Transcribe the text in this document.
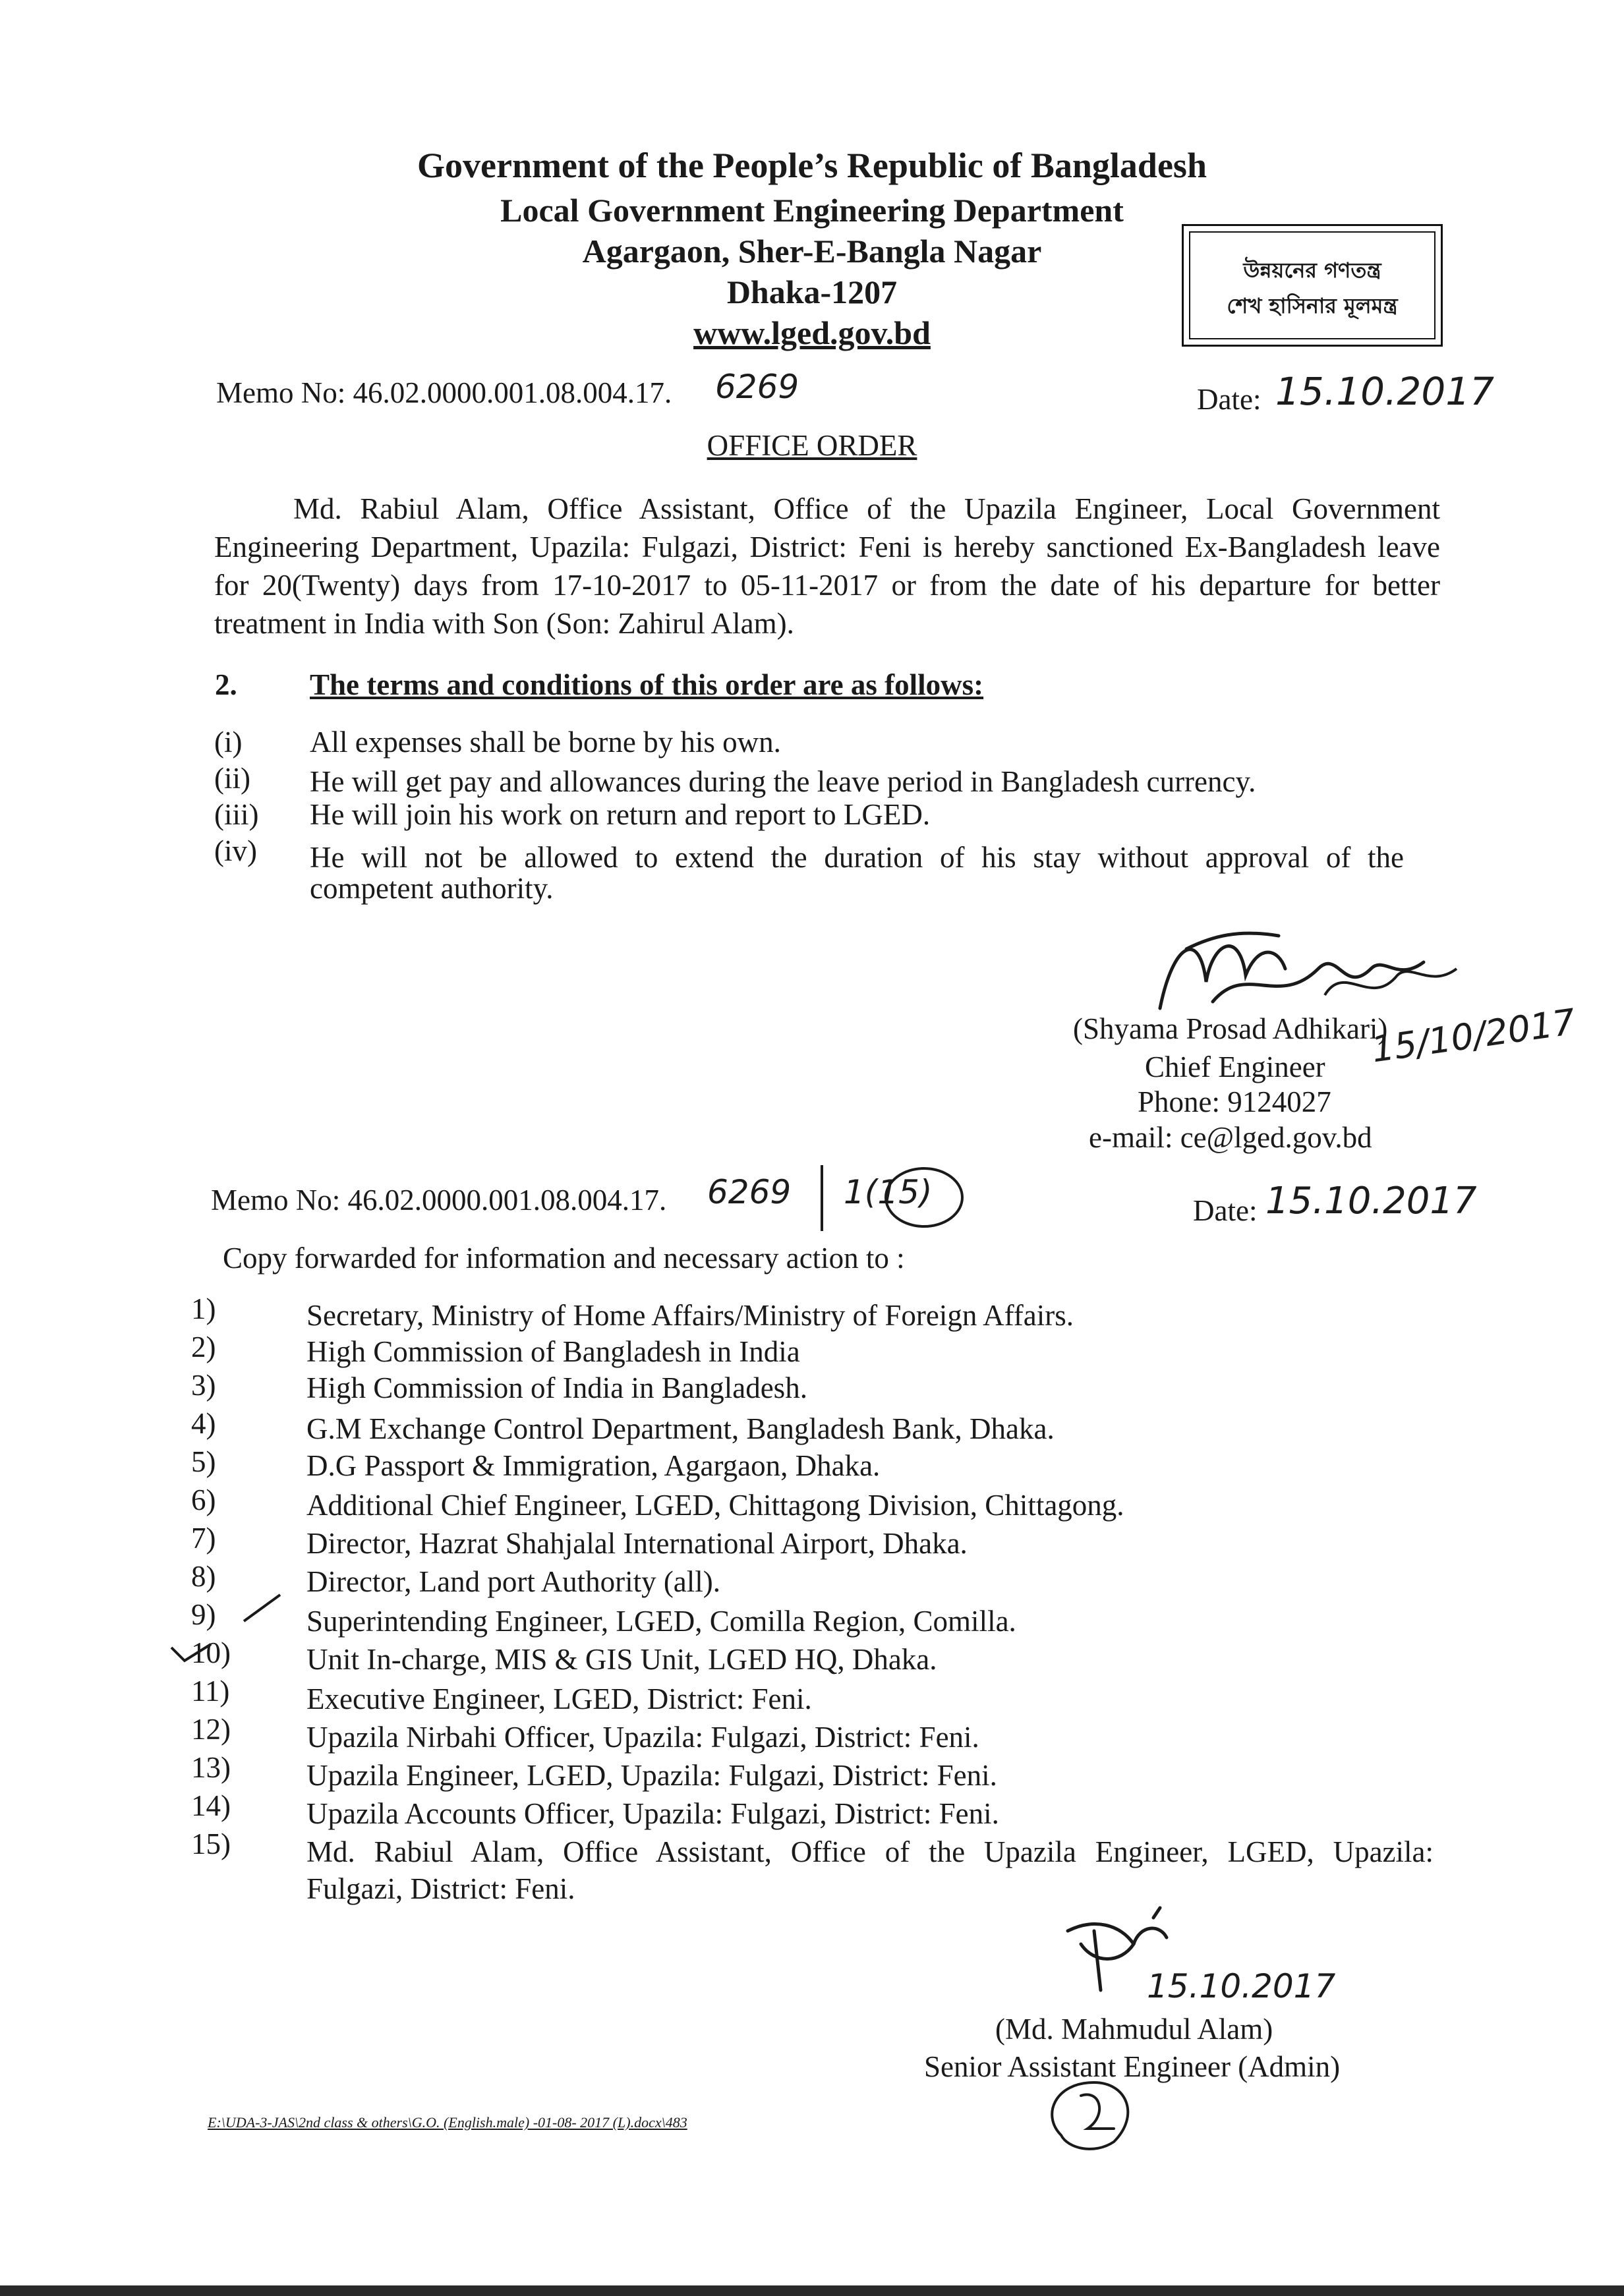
Government of the People’s Republic of Bangladesh
Local Government Engineering Department
Agargaon, Sher-E-Bangla Nagar
Dhaka-1207
www.lged.gov.bd
উন্নয়নের গণতন্ত্র
শেখ হাসিনার মূলমন্ত্র
Memo No: 46.02.0000.001.08.004.17. 6269	Date: 15.10.2017
OFFICE ORDER
Md. Rabiul Alam, Office Assistant, Office of the Upazila Engineer, Local Government Engineering Department, Upazila: Fulgazi, District: Feni is hereby sanctioned Ex-Bangladesh leave for 20(Twenty) days from 17-10-2017 to 05-11-2017 or from the date of his departure for better treatment in India with Son (Son: Zahirul Alam).
2. The terms and conditions of this order are as follows:
(i) All expenses shall be borne by his own.
(ii) He will get pay and allowances during the leave period in Bangladesh currency.
(iii) He will join his work on return and report to LGED.
(iv) He will not be allowed to extend the duration of his stay without approval of the
competent authority.
15/10/2017
(Shyama Prosad Adhikari)
Chief Engineer
Phone: 9124027
e-mail: ce@lged.gov.bd
Memo No: 46.02.0000.001.08.004.17. 6269 1(15)	Date: 15.10.2017
Copy forwarded for information and necessary action to :
1)	Secretary, Ministry of Home Affairs/Ministry of Foreign Affairs.
2)	High Commission of Bangladesh in India
3)	High Commission of India in Bangladesh.
4)	G.M Exchange Control Department, Bangladesh Bank, Dhaka.
5)	D.G Passport & Immigration, Agargaon, Dhaka.
6)	Additional Chief Engineer, LGED, Chittagong Division, Chittagong.
7)	Director, Hazrat Shahjalal International Airport, Dhaka.
8)	Director, Land port Authority (all).
9)	Superintending Engineer, LGED, Comilla Region, Comilla.
10)	Unit In-charge, MIS & GIS Unit, LGED HQ, Dhaka.
11)	Executive Engineer, LGED, District: Feni.
12)	Upazila Nirbahi Officer, Upazila: Fulgazi, District: Feni.
13)	Upazila Engineer, LGED, Upazila: Fulgazi, District: Feni.
14)	Upazila Accounts Officer, Upazila: Fulgazi, District: Feni.
15)	Md. Rabiul Alam, Office Assistant, Office of the Upazila Engineer, LGED, Upazila:
Fulgazi, District: Feni.
15.10.2017
(Md. Mahmudul Alam)
Senior Assistant Engineer (Admin)
E:\UDA-3-JAS\2nd class & others\G.O. (English.male) -01-08- 2017 (L).docx\483
